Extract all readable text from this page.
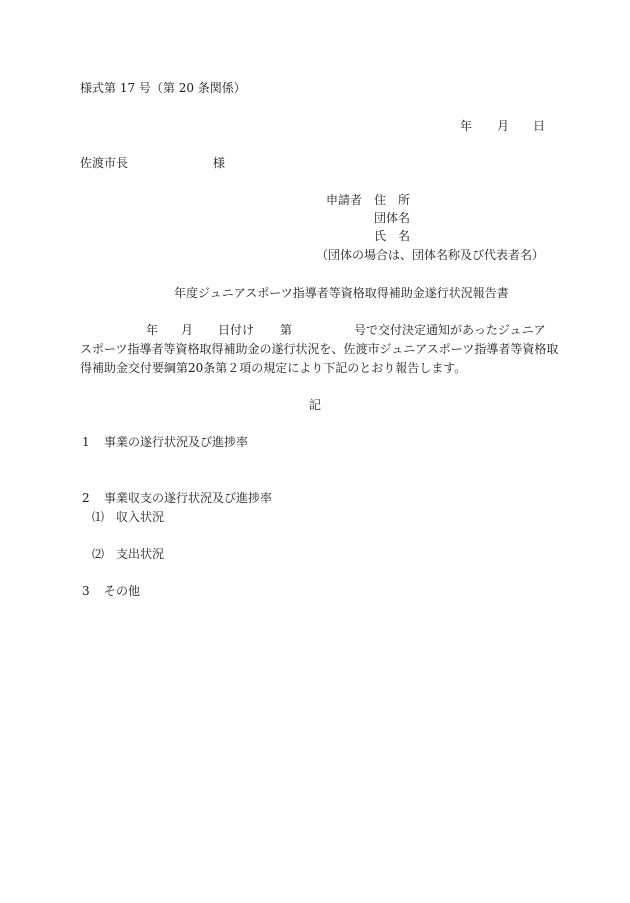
様式第 17 号（第 20 条関係）
年 月 日
佐渡市長	様
申請者 住　所
団体名
氏　名
（団体の場合は、団体名称及び代表者名）
年度ジュニアスポーツ指導者等資格取得補助金遂行状況報告書
年 月 日付け 第	号で交付決定通知があったジュニア
スポーツ指導者等資格取得補助金の遂行状況を、佐渡市ジュニアスポーツ指導者等資格取
得補助金交付要綱第20条第２項の規定により下記のとおり報告します。
記
1 事業の遂行状況及び進捗率
2 事業収支の遂行状況及び進捗率
⑴ 収入状況
⑵ 支出状況
3 その他
